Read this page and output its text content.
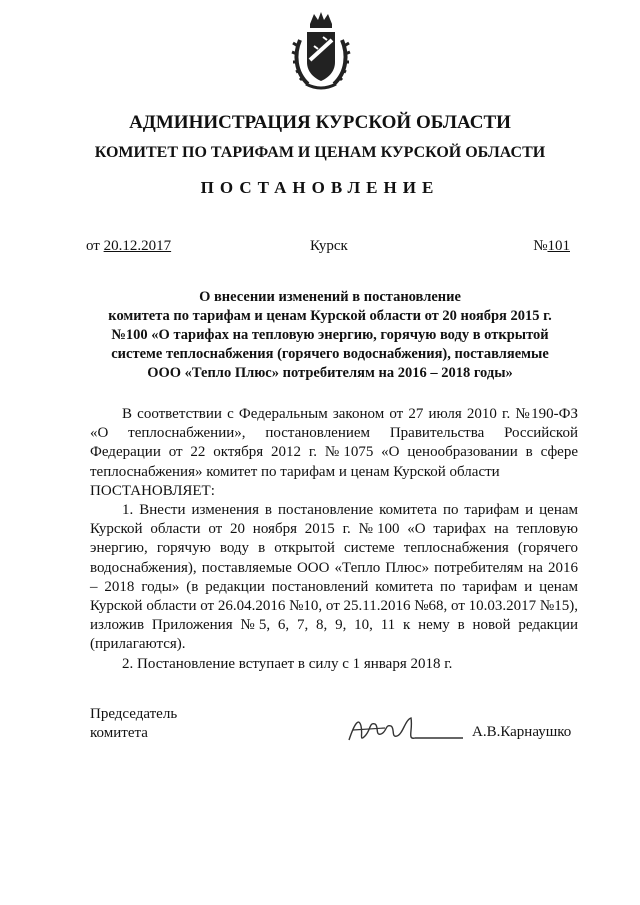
АДМИНИСТРАЦИЯ КУРСКОЙ ОБЛАСТИ
КОМИТЕТ ПО ТАРИФАМ И ЦЕНАМ КУРСКОЙ ОБЛАСТИ
ПОСТАНОВЛЕНИЕ
от 20.12.2017	Курск	№101
О внесении изменений в постановление
комитета по тарифам и ценам Курской области от 20 ноября 2015 г.
№100 «О тарифах на тепловую энергию, горячую воду в открытой
системе теплоснабжения (горячего водоснабжения), поставляемые
ООО «Тепло Плюс» потребителям на 2016 – 2018 годы»

В соответствии с Федеральным законом от 27 июля 2010 г. №190-ФЗ «О теплоснабжении», постановлением Правительства Российской Федерации от 22 октября 2012 г. №1075 «О ценообразовании в сфере теплоснабжения» комитет по тарифам и ценам Курской области

ПОСТАНОВЛЯЕТ:

1. Внести изменения в постановление комитета по тарифам и ценам Курской области от 20 ноября 2015 г. №100 «О тарифах на тепловую энергию, горячую воду в открытой системе теплоснабжения (горячего водоснабжения), поставляемые ООО «Тепло Плюс» потребителям на 2016 – 2018 годы» (в редакции постановлений комитета по тарифам и ценам Курской области от 26.04.2016 №10, от 25.11.2016 №68, от 10.03.2017 №15), изложив Приложения №5, 6, 7, 8, 9, 10, 11 к нему в новой редакции (прилагаются).

2. Постановление вступает в силу с 1 января 2018 г.

Председатель
комитета	А.В.Карнаушко
